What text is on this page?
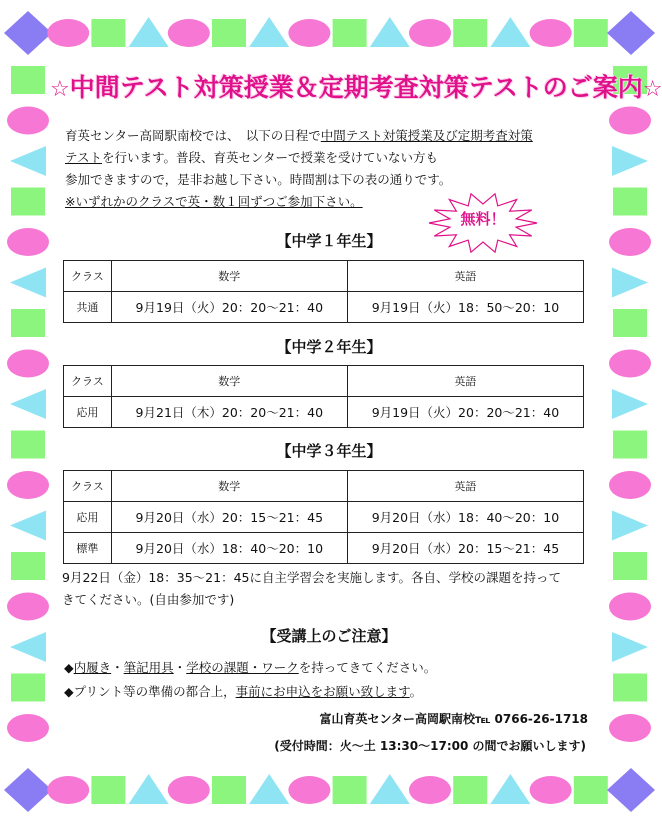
☆中間テスト対策授業＆定期考査対策テストのご案内☆
育英センター高岡駅南校では、　以下の日程で中間テスト対策授業及び定期考査対策
テストを行います。普段、育英センターで授業を受けていない方も
参加できますので，是非お越し下さい。時間割は下の表の通りです。
※いずれかのクラスで英・数１回ずつご参加下さい。
無料！
【中学１年生】
クラス	数学	英語
共通	9月19日（火）20：20〜21：40	9月19日（火）18：50〜20：10
【中学２年生】
クラス	数学	英語
応用	9月21日（木）20：20〜21：40	9月19日（火）20：20〜21：40
【中学３年生】
クラス	数学	英語
応用	9月20日（水）20：15〜21：45	9月20日（水）18：40〜20：10
標準	9月20日（水）18：40〜20：10	9月20日（水）20：15〜21：45
9月22日（金）18：35〜21：45に自主学習会を実施します。各自、学校の課題を持って
きてください。(自由参加です)
【受講上のご注意】
◆内履き・筆記用具・学校の課題・ワークを持ってきてください。
◆プリント等の準備の都合上，事前にお申込をお願い致します。
富山育英センター高岡駅南校℡ 0766-26-1718
(受付時間：火〜土 13:30〜17:00 の間でお願いします)
